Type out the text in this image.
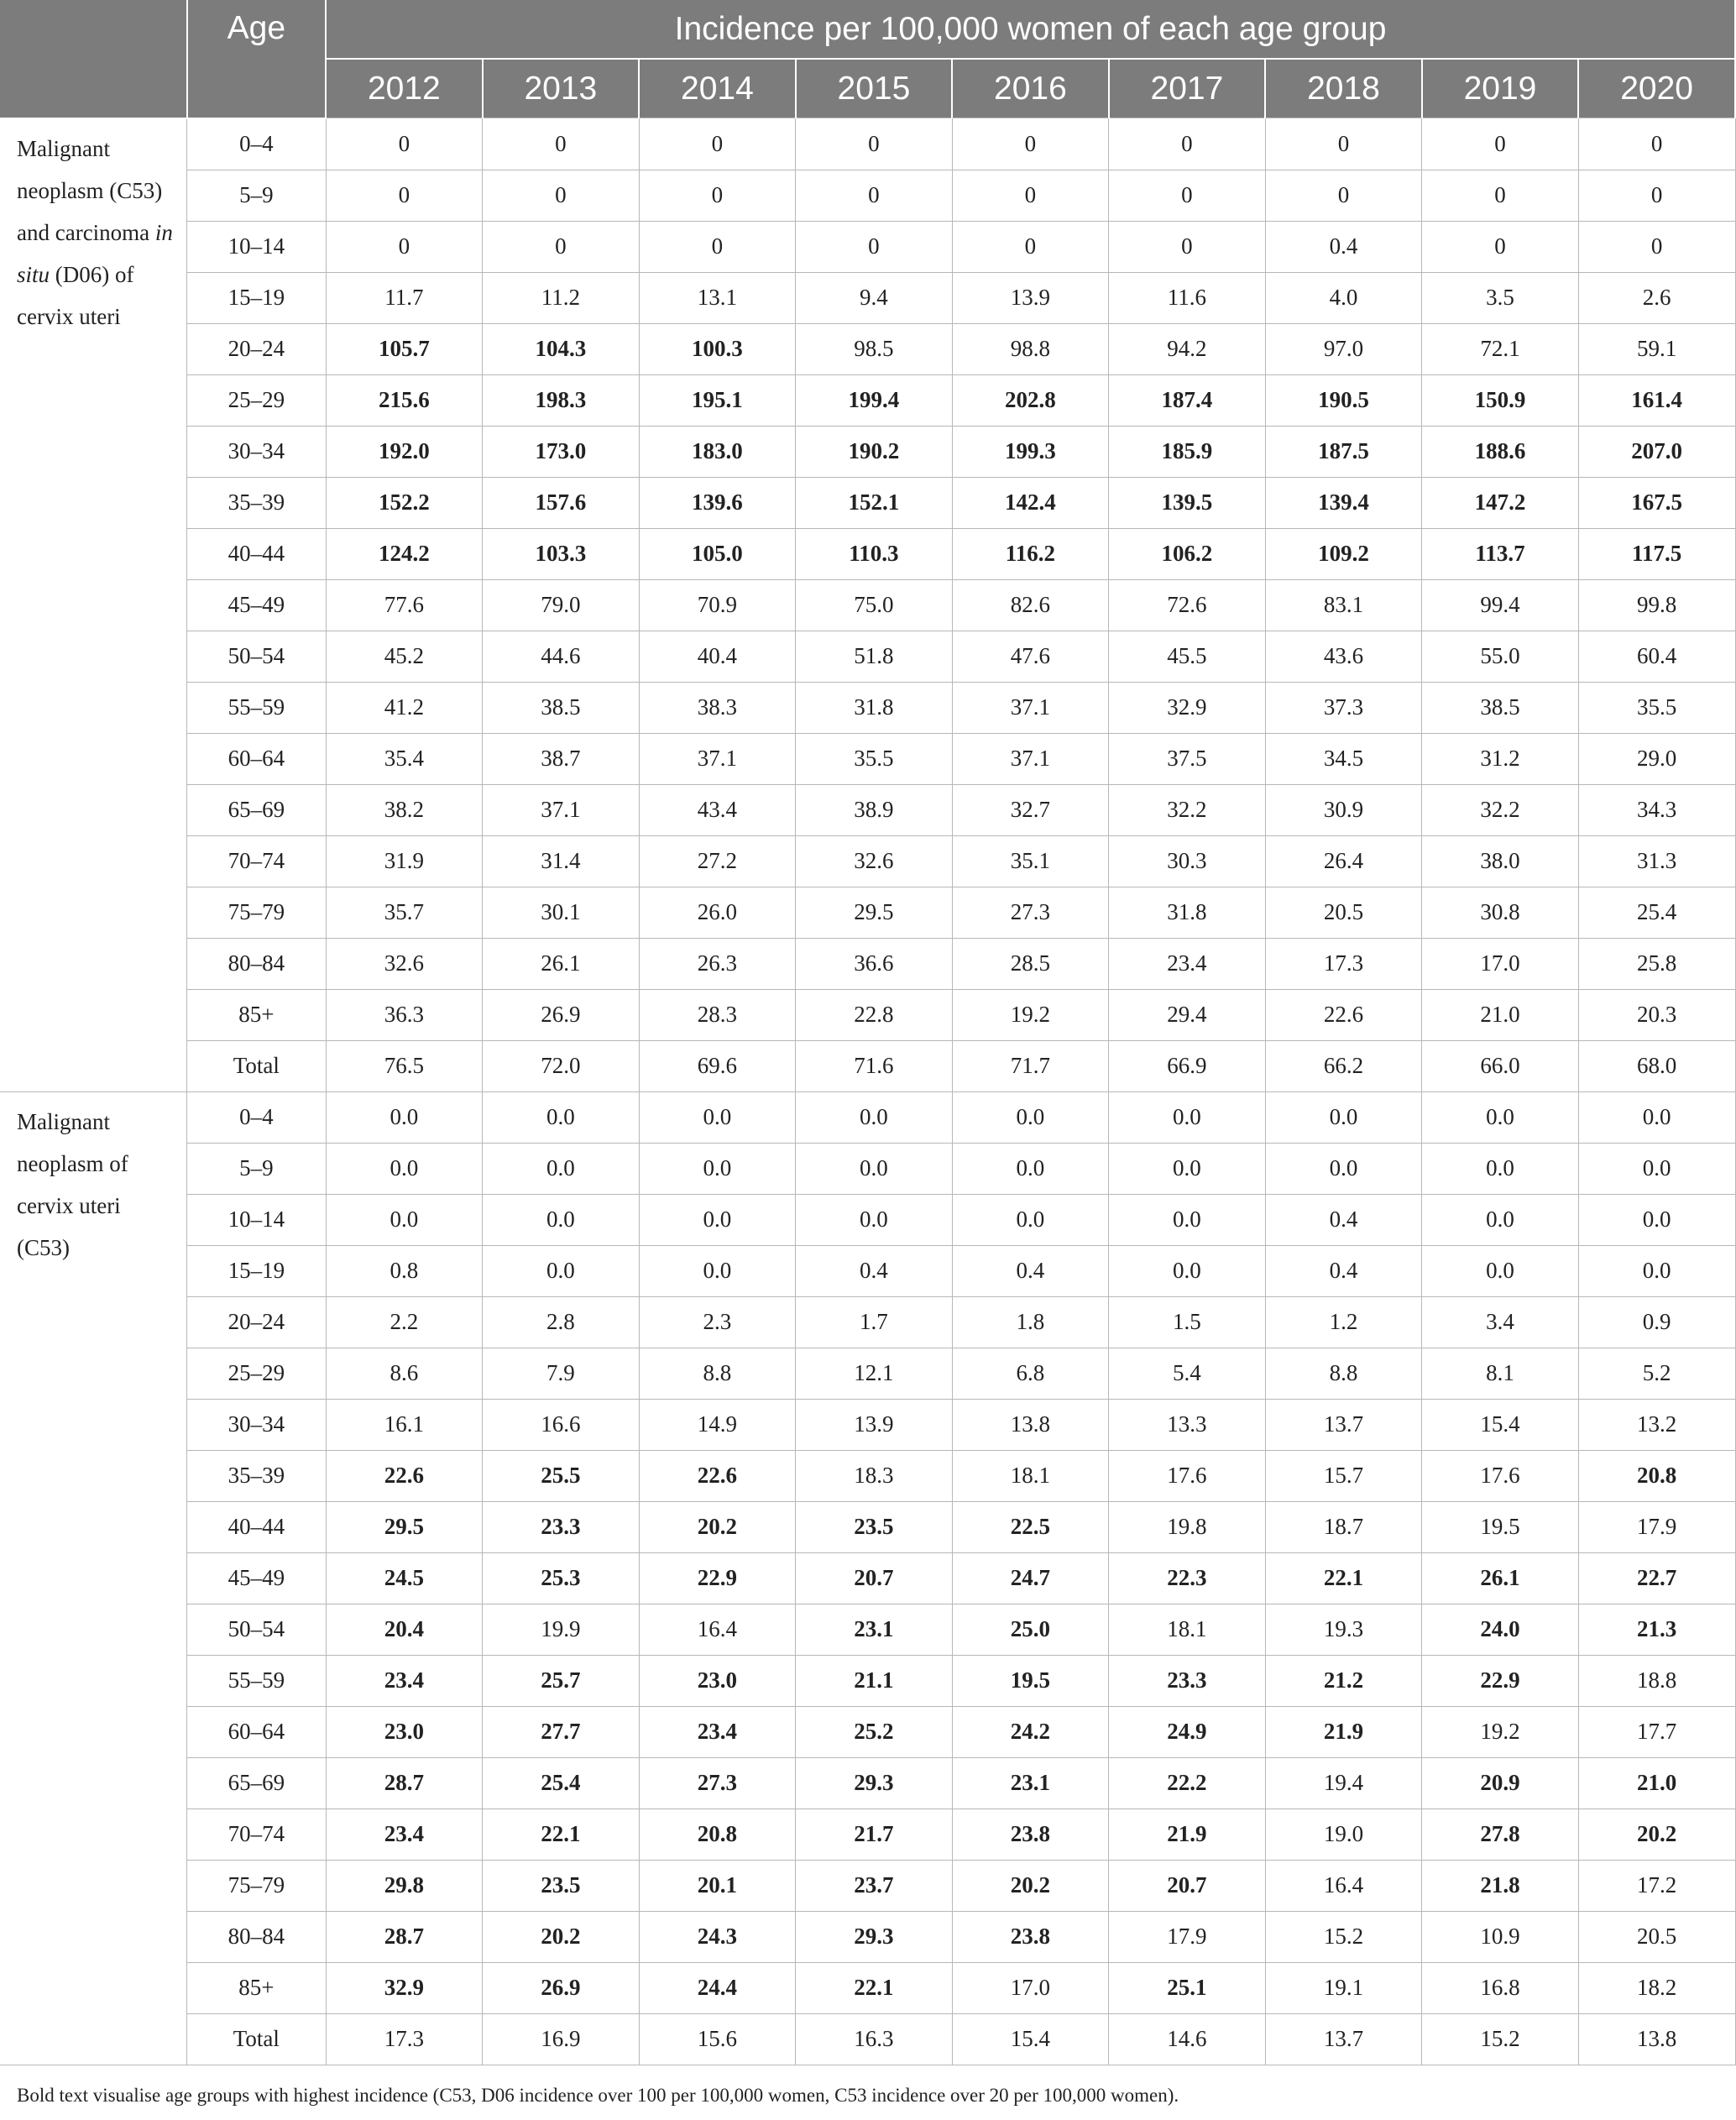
	Age	Incidence per 100,000 women of each age group								
		2012	2013	2014	2015	2016	2017	2018	2019	2020
Malignant neoplasm (C53) and carcinoma in situ (D06) of cervix uteri	0–4	0	0	0	0	0	0	0	0	0
	5–9	0	0	0	0	0	0	0	0	0
	10–14	0	0	0	0	0	0	0.4	0	0
	15–19	11.7	11.2	13.1	9.4	13.9	11.6	4.0	3.5	2.6
	20–24	105.7	104.3	100.3	98.5	98.8	94.2	97.0	72.1	59.1
	25–29	215.6	198.3	195.1	199.4	202.8	187.4	190.5	150.9	161.4
	30–34	192.0	173.0	183.0	190.2	199.3	185.9	187.5	188.6	207.0
	35–39	152.2	157.6	139.6	152.1	142.4	139.5	139.4	147.2	167.5
	40–44	124.2	103.3	105.0	110.3	116.2	106.2	109.2	113.7	117.5
	45–49	77.6	79.0	70.9	75.0	82.6	72.6	83.1	99.4	99.8
	50–54	45.2	44.6	40.4	51.8	47.6	45.5	43.6	55.0	60.4
	55–59	41.2	38.5	38.3	31.8	37.1	32.9	37.3	38.5	35.5
	60–64	35.4	38.7	37.1	35.5	37.1	37.5	34.5	31.2	29.0
	65–69	38.2	37.1	43.4	38.9	32.7	32.2	30.9	32.2	34.3
	70–74	31.9	31.4	27.2	32.6	35.1	30.3	26.4	38.0	31.3
	75–79	35.7	30.1	26.0	29.5	27.3	31.8	20.5	30.8	25.4
	80–84	32.6	26.1	26.3	36.6	28.5	23.4	17.3	17.0	25.8
	85+	36.3	26.9	28.3	22.8	19.2	29.4	22.6	21.0	20.3
	Total	76.5	72.0	69.6	71.6	71.7	66.9	66.2	66.0	68.0
Malignant neoplasm of cervix uteri (C53)	0–4	0.0	0.0	0.0	0.0	0.0	0.0	0.0	0.0	0.0
	5–9	0.0	0.0	0.0	0.0	0.0	0.0	0.0	0.0	0.0
	10–14	0.0	0.0	0.0	0.0	0.0	0.0	0.4	0.0	0.0
	15–19	0.8	0.0	0.0	0.4	0.4	0.0	0.4	0.0	0.0
	20–24	2.2	2.8	2.3	1.7	1.8	1.5	1.2	3.4	0.9
	25–29	8.6	7.9	8.8	12.1	6.8	5.4	8.8	8.1	5.2
	30–34	16.1	16.6	14.9	13.9	13.8	13.3	13.7	15.4	13.2
	35–39	22.6	25.5	22.6	18.3	18.1	17.6	15.7	17.6	20.8
	40–44	29.5	23.3	20.2	23.5	22.5	19.8	18.7	19.5	17.9
	45–49	24.5	25.3	22.9	20.7	24.7	22.3	22.1	26.1	22.7
	50–54	20.4	19.9	16.4	23.1	25.0	18.1	19.3	24.0	21.3
	55–59	23.4	25.7	23.0	21.1	19.5	23.3	21.2	22.9	18.8
	60–64	23.0	27.7	23.4	25.2	24.2	24.9	21.9	19.2	17.7
	65–69	28.7	25.4	27.3	29.3	23.1	22.2	19.4	20.9	21.0
	70–74	23.4	22.1	20.8	21.7	23.8	21.9	19.0	27.8	20.2
	75–79	29.8	23.5	20.1	23.7	20.2	20.7	16.4	21.8	17.2
	80–84	28.7	20.2	24.3	29.3	23.8	17.9	15.2	10.9	20.5
	85+	32.9	26.9	24.4	22.1	17.0	25.1	19.1	16.8	18.2
	Total	17.3	16.9	15.6	16.3	15.4	14.6	13.7	15.2	13.8
Bold text visualise age groups with highest incidence (C53, D06 incidence over 100 per 100,000 women, C53 incidence over 20 per 100,000 women).
